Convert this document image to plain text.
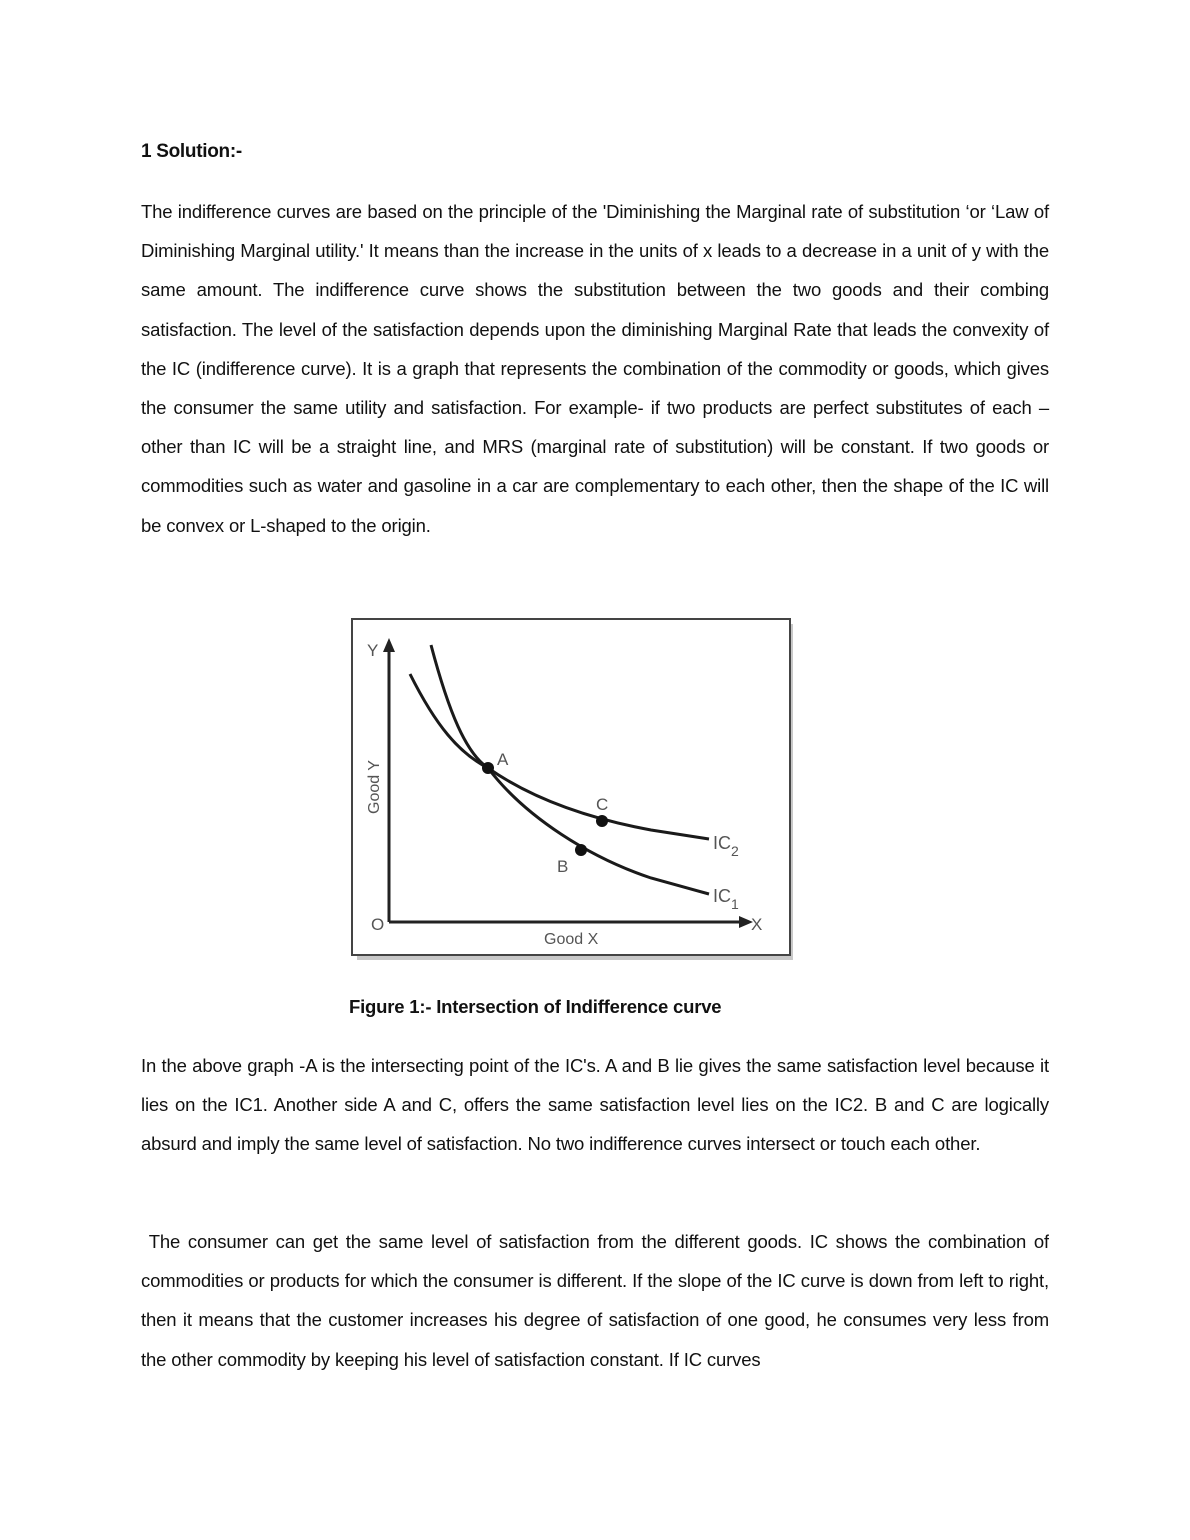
1 Solution:-
The indifference curves are based on the principle of the 'Diminishing the Marginal rate of substitution ‘or ‘Law of Diminishing Marginal utility.' It means than the increase in the units of x leads to a decrease in a unit of y with the same amount. The indifference curve shows the substitution between the two goods and their combing satisfaction. The level of the satisfaction depends upon the diminishing Marginal Rate that leads the convexity of the IC (indifference curve). It is a graph that represents the combination of the commodity or goods, which gives the consumer the same utility and satisfaction. For example- if two products are perfect substitutes of each –other than IC will be a straight line, and MRS (marginal rate of substitution) will be constant. If two goods or commodities such as water and gasoline in a car are complementary to each other, then the shape of the IC will be convex or L-shaped to the origin.
Y
X
O
Good Y
Good X
A
B
C
$IC_2$
$IC_1$
Figure 1:- Intersection of Indifference curve
In the above graph -A is the intersecting point of the IC's. A and B lie gives the same satisfaction level because it lies on the IC1. Another side A and C, offers the same satisfaction level lies on the IC2. B and C are logically absurd and imply the same level of satisfaction. No two indifference curves intersect or touch each other.
The consumer can get the same level of satisfaction from the different goods. IC shows the combination of commodities or products for which the consumer is different. If the slope of the IC curve is down from left to right, then it means that the customer increases his degree of satisfaction of one good, he consumes very less from the other commodity by keeping his level of satisfaction constant. If IC curves
